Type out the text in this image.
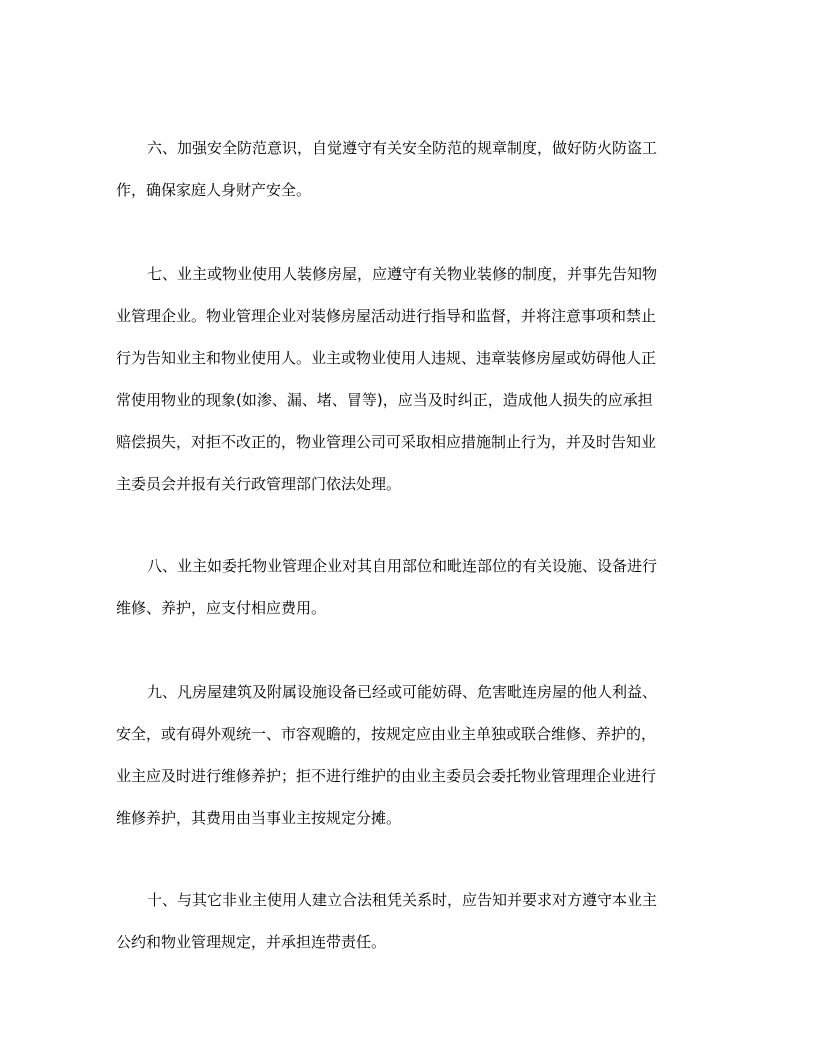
六、加强安全防范意识，自觉遵守有关安全防范的规章制度，做好防火防盗工
作，确保家庭人身财产安全。
七、业主或物业使用人装修房屋，应遵守有关物业装修的制度，并事先告知物
业管理企业。物业管理企业对装修房屋活动进行指导和监督，并将注意事项和禁止
行为告知业主和物业使用人。业主或物业使用人违规、违章装修房屋或妨碍他人正
常使用物业的现象(如渗、漏、堵、冒等)，应当及时纠正，造成他人损失的应承担
赔偿损失，对拒不改正的，物业管理公司可采取相应措施制止行为，并及时告知业
主委员会并报有关行政管理部门依法处理。
八、业主如委托物业管理企业对其自用部位和毗连部位的有关设施、设备进行
维修、养护，应支付相应费用。
九、凡房屋建筑及附属设施设备已经或可能妨碍、危害毗连房屋的他人利益、
安全，或有碍外观统一、市容观瞻的，按规定应由业主单独或联合维修、养护的，
业主应及时进行维修养护；拒不进行维护的由业主委员会委托物业管理理企业进行
维修养护，其费用由当事业主按规定分摊。
十、与其它非业主使用人建立合法租凭关系时，应告知并要求对方遵守本业主
公约和物业管理规定，并承担连带责任。
